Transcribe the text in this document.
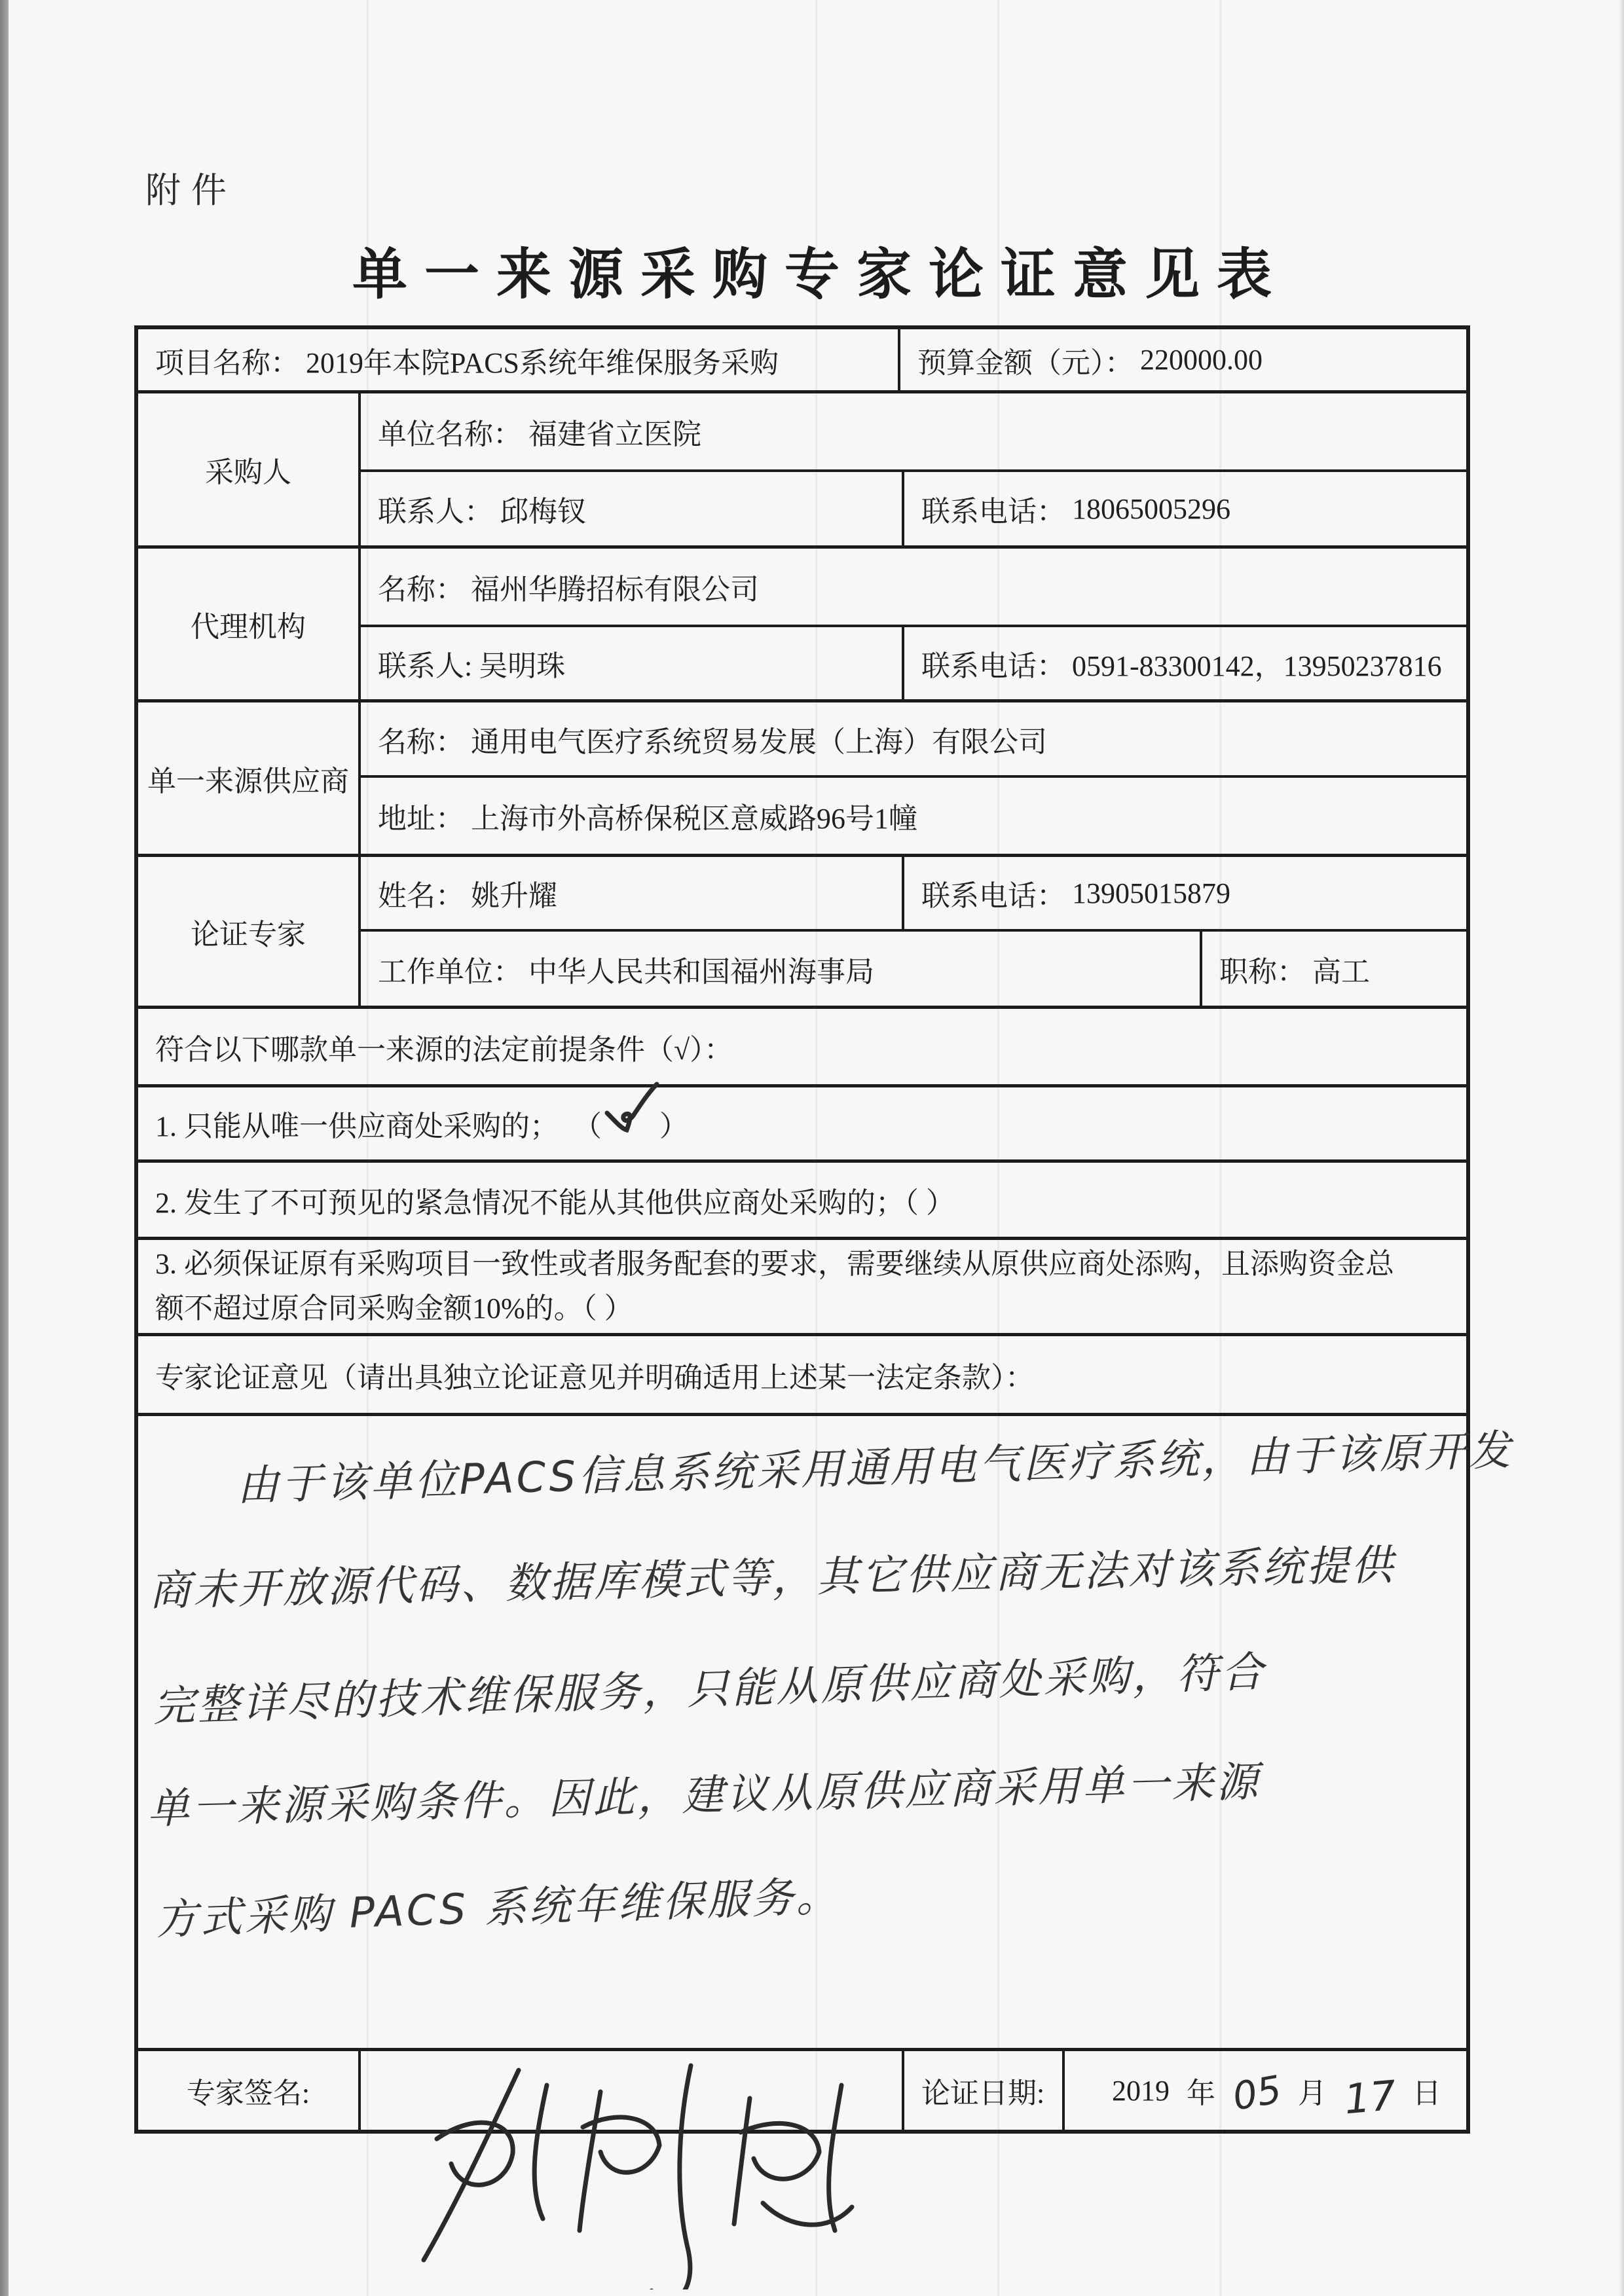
附件
单一来源采购专家论证意见表
项目名称： 2019年本院PACS系统年维保服务采购	预算金额（元）： 220000.00
采购人
单位名称： 福建省立医院
联系人： 邱梅钗	联系电话： 18065005296
代理机构
名称： 福州华腾招标有限公司
联系人: 吴明珠	联系电话： 0591-83300142，13950237816
单一来源供应商
名称： 通用电气医疗系统贸易发展（上海）有限公司
地址： 上海市外高桥保税区意威路96号1幢
论证专家
姓名： 姚升耀	联系电话： 13905015879
工作单位： 中华人民共和国福州海事局	职称： 高工
符合以下哪款单一来源的法定前提条件（√）：
1. 只能从唯一供应商处采购的； （ ）
2. 发生了不可预见的紧急情况不能从其他供应商处采购的；（ ）
3. 必须保证原有采购项目一致性或者服务配套的要求，需要继续从原供应商处添购，且添购资金总
额不超过原合同采购金额10%的。（ ）
专家论证意见（请出具独立论证意见并明确适用上述某一法定条款）：
由于该单位PACS信息系统采用通用电气医疗系统，由于该原开发
商未开放源代码、数据库模式等，其它供应商无法对该系统提供
完整详尽的技术维保服务，只能从原供应商处采购，符合
单一来源采购条件。因此，建议从原供应商采用单一来源
方式采购 PACS 系统年维保服务。
专家签名:	论证日期: 2019 年 05 月 17 日
